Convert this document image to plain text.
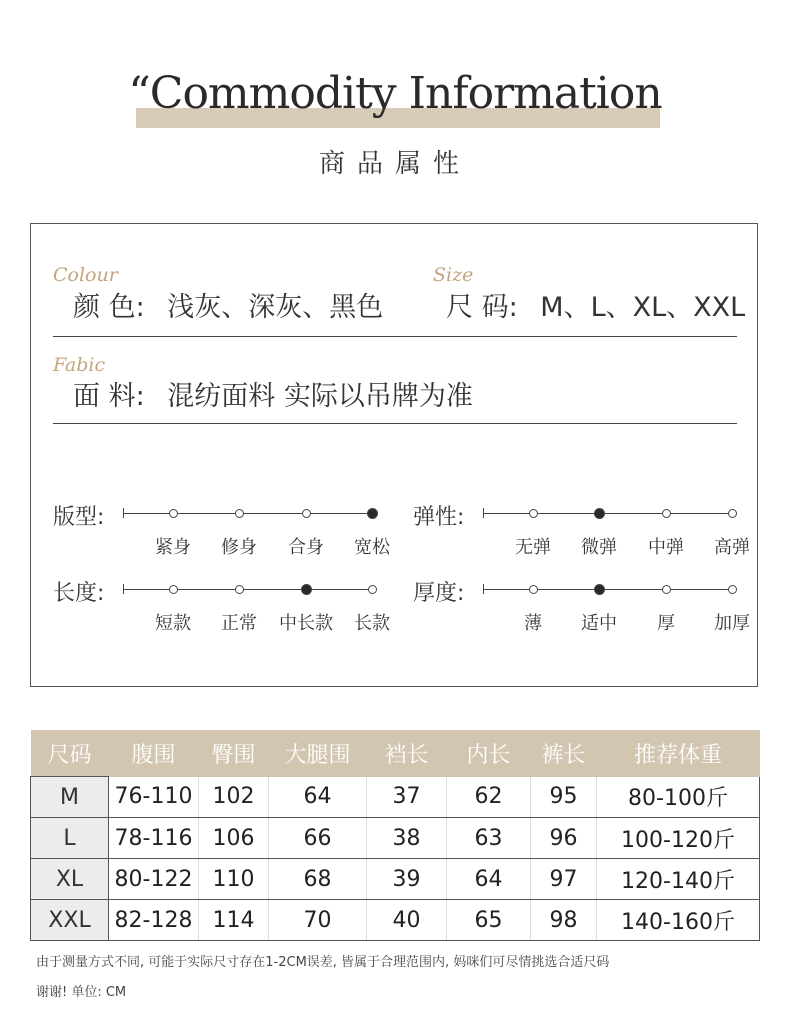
“Commodity Information
商品属性
Colour
颜 色: 浅灰、深灰、黑色
Size
尺 码: M、L、XL、XXL
Fabic
面 料: 混纺面料 实际以吊牌为准
版型:
紧身	修身	合身	宽松
弹性:
无弹	微弹	中弹	高弹
长度:
短款	正常	中长款	长款
厚度:
薄	适中	厚	加厚
尺码	腹围	臀围	大腿围	裆长	内长	裤长	推荐体重
M	76-110	102	64	37	62	95	80-100斤
L	78-116	106	66	38	63	96	100-120斤
XL	80-122	110	68	39	64	97	120-140斤
XXL	82-128	114	70	40	65	98	140-160斤
由于测量方式不同, 可能于实际尺寸存在1-2CM误差, 皆属于合理范围内, 妈咪们可尽情挑选合适尺码
谢谢! 单位: CM
